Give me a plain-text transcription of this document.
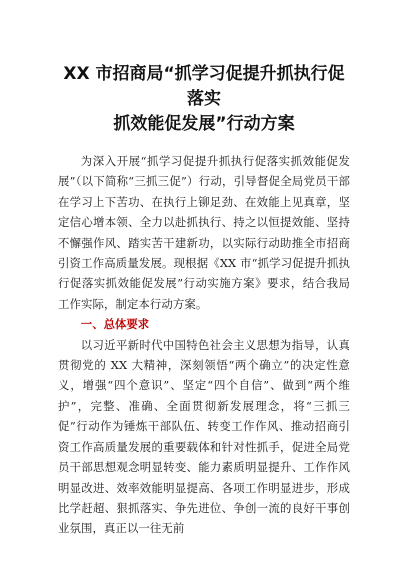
XX 市招商局“抓学习促提升抓执行促落实
抓效能促发展”行动方案

为深入开展“抓学习促提升抓执行促落实抓效能促发展”（以下简称“三抓三促”）行动，引导督促全局党员干部在学习上下苦功、在执行上铆足劲、在效能上见真章，坚定信心增本领、全力以赴抓执行、持之以恒提效能、坚持不懈强作风、踏实苦干建新功，以实际行动助推全市招商引资工作高质量发展。现根据《XX 市“抓学习促提升抓执行促落实抓效能促发展”行动实施方案》要求，结合我局工作实际，制定本行动方案。

一、总体要求

以习近平新时代中国特色社会主义思想为指导，认真贯彻党的 XX 大精神，深刻领悟“两个确立”的决定性意义，增强“四个意识”、坚定“四个自信”、做到“两个维护”，完整、准确、全面贯彻新发展理念，将“三抓三促”行动作为锤炼干部队伍、转变工作作风、推动招商引资工作高质量发展的重要载体和针对性抓手，促进全局党员干部思想观念明显转变、能力素质明显提升、工作作风明显改进、效率效能明显提高、各项工作明显进步，形成比学赶超、狠抓落实、争先进位、争创一流的良好干事创业氛围，真正以一往无前
